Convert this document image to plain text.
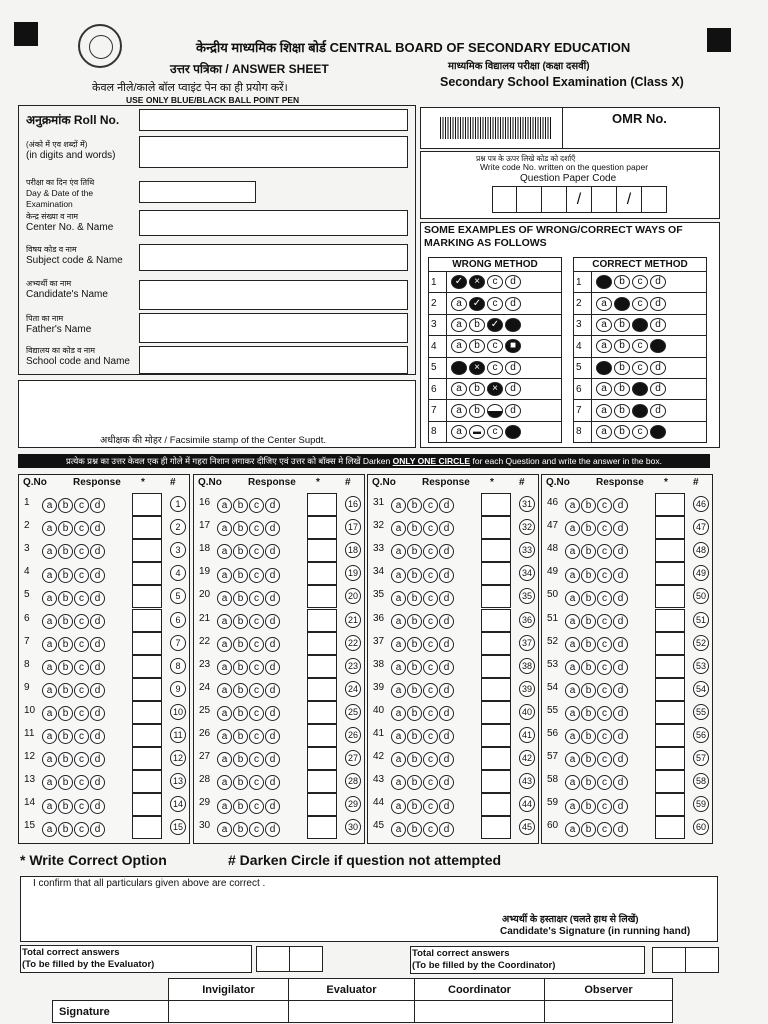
केन्द्रीय माध्यमिक शिक्षा बोर्ड CENTRAL BOARD OF SECONDARY EDUCATION
उत्तर पत्रिका / ANSWER SHEET	माध्यमिक विद्यालय परीक्षा (कक्षा दसवीं)
Secondary School Examination (Class X)
केवल नीले/काले बॉल प्वाइंट पेन का ही प्रयोग करें।
USE ONLY BLUE/BLACK BALL POINT PEN
अनुक्रमांक Roll No.
(अंको में एव शब्दों में)
(in digits and words)
परीक्षा का दिन एंव तिथि
Day & Date of the
Examination
केन्द्र संख्या व नाम
Center No. & Name
विषय कोड व नाम
Subject code & Name
अभ्यर्थी का नाम
Candidate's Name
पिता का नाम
Father's Name
विद्यालय का कोड व नाम
School code and Name
अधीक्षक की मोहर / Facsimile stamp of the Center Supdt.
OMR No.
प्रश्न पत्र के ऊपर लिखे कोड को दर्शाएँ
Write code No. written on the question paper
Question Paper Code
/	/
SOME EXAMPLES OF WRONG/CORRECT WAYS OF MARKING AS FOLLOWS
WRONG METHOD	
1	✓ × c d
2	a ✓ c d
3	a b ✓
4	a b c ■
5	× c d
6	a b × d
7	a b d
8	a ▬ c
CORRECT METHOD	
1	b c d
2	a c d
3	a b d
4	a b c
5	b c d
6	a b d
7	a b d
8	a b c
प्रत्येक प्रश्न का उत्तर केवल एक ही गोले में गहरा निशान लगाकर दीजिए एवं उत्तर को बॉक्स मे लिखें Darken ONLY ONE CIRCLE for each Question and write the answer in the box.
Q.No	Response *	#
1	a b c d	1
2	a b c d	2
3	a b c d	3
4	a b c d	4
5	a b c d	5
6	a b c d	6
7	a b c d	7
8	a b c d	8
9	a b c d	9
10	a b c d	10
11	a b c d	11
12	a b c d	12
13	a b c d	13
14	a b c d	14
15	a b c d	15
Q.No	Response *	#
16	a b c d	16
17	a b c d	17
18	a b c d	18
19	a b c d	19
20	a b c d	20
21	a b c d	21
22	a b c d	22
23	a b c d	23
24	a b c d	24
25	a b c d	25
26	a b c d	26
27	a b c d	27
28	a b c d	28
29	a b c d	29
30	a b c d	30
Q.No	Response *	#
31	a b c d	31
32	a b c d	32
33	a b c d	33
34	a b c d	34
35	a b c d	35
36	a b c d	36
37	a b c d	37
38	a b c d	38
39	a b c d	39
40	a b c d	40
41	a b c d	41
42	a b c d	42
43	a b c d	43
44	a b c d	44
45	a b c d	45
Q.No	Response *	#
46	a b c d	46
47	a b c d	47
48	a b c d	48
49	a b c d	49
50	a b c d	50
51	a b c d	51
52	a b c d	52
53	a b c d	53
54	a b c d	54
55	a b c d	55
56	a b c d	56
57	a b c d	57
58	a b c d	58
59	a b c d	59
60	a b c d	60
* Write Correct Option	# Darken Circle if question not attempted
I confirm that all particulars given above are correct .
अभ्यर्थी के हस्ताक्षर (चलते हाथ से लिखें)
Candidate's Signature (in running hand)
Total correct answers
(To be filled by the Evaluator)
Total correct answers
(To be filled by the Coordinator)
	Invigilator	Evaluator	Coordinator	Observer
Signature				
